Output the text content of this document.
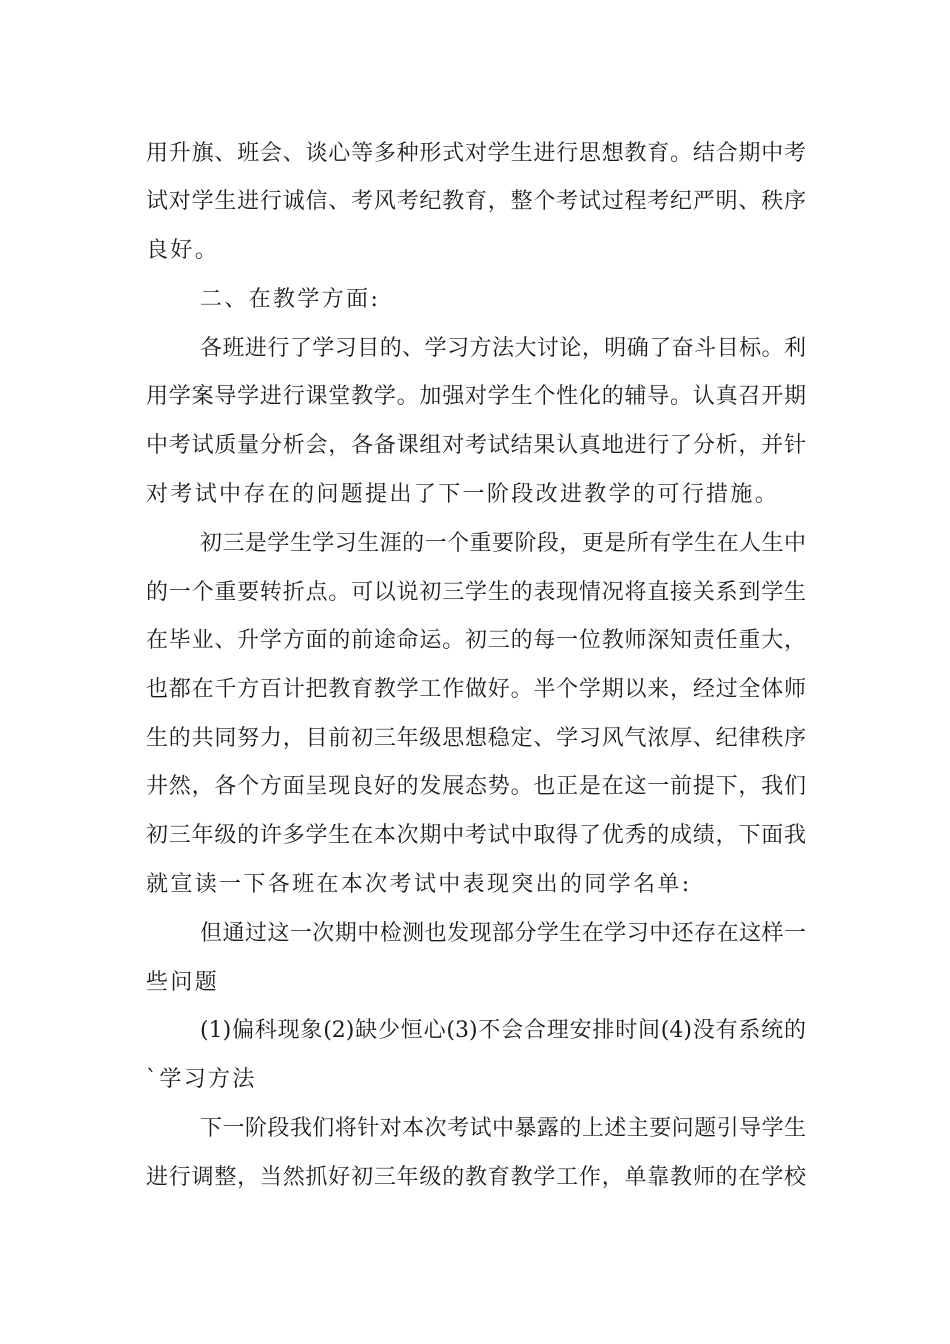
用升旗、班会、谈心等多种形式对学生进行思想教育。结合期中考
试对学生进行诚信、考风考纪教育，整个考试过程考纪严明、秩序
良好。
二、在教学方面:
各班进行了学习目的、学习方法大讨论，明确了奋斗目标。利
用学案导学进行课堂教学。加强对学生个性化的辅导。认真召开期
中考试质量分析会，各备课组对考试结果认真地进行了分析，并针
对考试中存在的问题提出了下一阶段改进教学的可行措施。
初三是学生学习生涯的一个重要阶段，更是所有学生在人生中
的一个重要转折点。可以说初三学生的表现情况将直接关系到学生
在毕业、升学方面的前途命运。初三的每一位教师深知责任重大，
也都在千方百计把教育教学工作做好。半个学期以来，经过全体师
生的共同努力，目前初三年级思想稳定、学习风气浓厚、纪律秩序
井然，各个方面呈现良好的发展态势。也正是在这一前提下，我们
初三年级的许多学生在本次期中考试中取得了优秀的成绩，下面我
就宣读一下各班在本次考试中表现突出的同学名单:
但通过这一次期中检测也发现部分学生在学习中还存在这样一
些问题
(1)偏科现象(2)缺少恒心(3)不会合理安排时间(4)没有系统的
`学习方法
下一阶段我们将针对本次考试中暴露的上述主要问题引导学生
进行调整，当然抓好初三年级的教育教学工作，单靠教师的在学校
